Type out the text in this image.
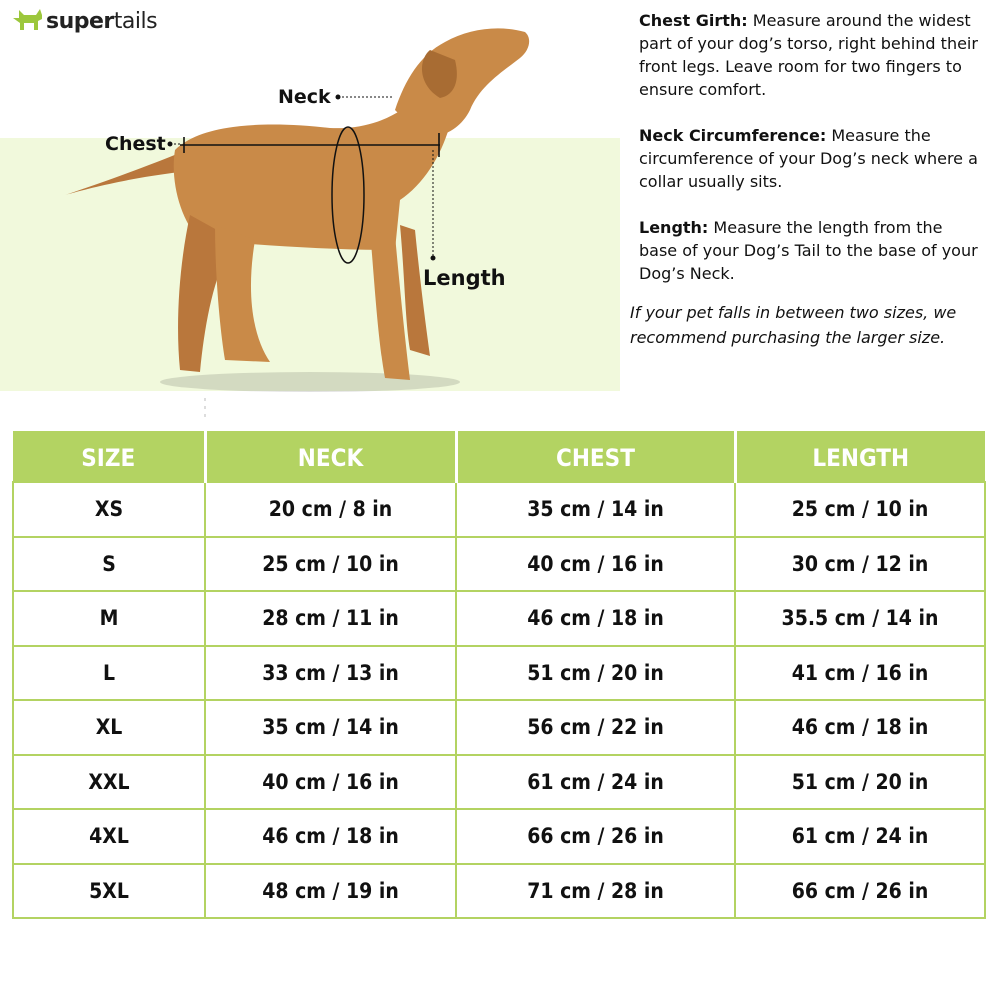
supertails
Neck
Chest
Length

Chest Girth: Measure around the widest part of your dog’s torso, right behind their front legs. Leave room for two fingers to ensure comfort.

Neck Circumference: Measure the circumference of your Dog’s neck where a collar usually sits.

Length: Measure the length from the base of your Dog’s Tail to the base of your Dog’s Neck.

If your pet falls in between two sizes, we recommend purchasing the larger size.
SIZE	NECK	CHEST	LENGTH
XS	20 cm / 8 in	35 cm / 14 in	25 cm / 10 in
S	25 cm / 10 in	40 cm / 16 in	30 cm / 12 in
M	28 cm / 11 in	46 cm / 18 in	35.5 cm / 14 in
L	33 cm / 13 in	51 cm / 20 in	41 cm / 16 in
XL	35 cm / 14 in	56 cm / 22 in	46 cm / 18 in
XXL	40 cm / 16 in	61 cm / 24 in	51 cm / 20 in
4XL	46 cm / 18 in	66 cm / 26 in	61 cm / 24 in
5XL	48 cm / 19 in	71 cm / 28 in	66 cm / 26 in
